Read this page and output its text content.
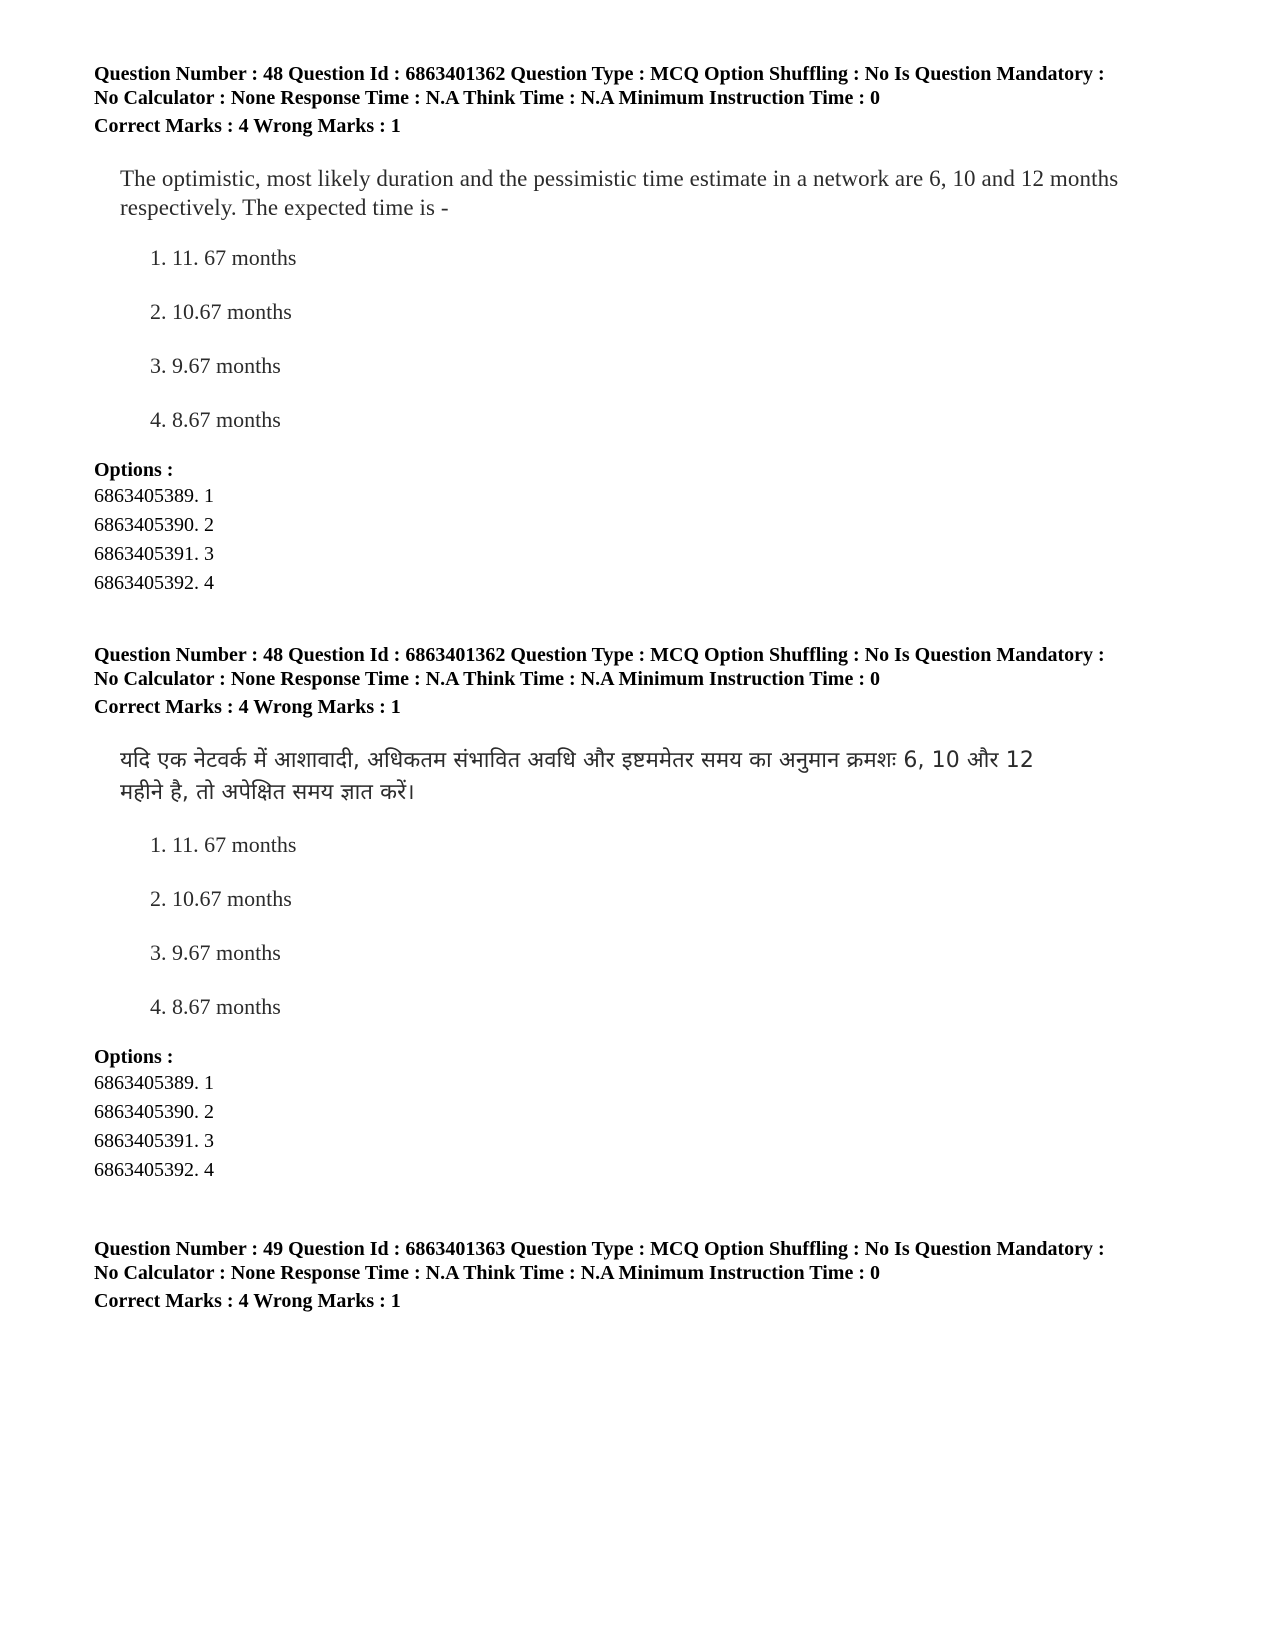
Question Number : 48 Question Id : 6863401362 Question Type : MCQ Option Shuffling : No Is Question Mandatory :

No Calculator : None Response Time : N.A Think Time : N.A Minimum Instruction Time : 0

Correct Marks : 4 Wrong Marks : 1

The optimistic, most likely duration and the pessimistic time estimate in a network are 6, 10 and 12 months

respectively. The expected time is -

1. 11. 67 months
2. 10.67 months
3. 9.67 months
4. 8.67 months
Options :
6863405389. 1
6863405390. 2
6863405391. 3
6863405392. 4

Question Number : 48 Question Id : 6863401362 Question Type : MCQ Option Shuffling : No Is Question Mandatory :

No Calculator : None Response Time : N.A Think Time : N.A Minimum Instruction Time : 0

Correct Marks : 4 Wrong Marks : 1

यदि एक नेटवर्क में आशावादी, अधिकतम संभावित अवधि और इष्टममेतर समय का अनुमान क्रमशः 6, 10 और 12

महीने है, तो अपेक्षित समय ज्ञात करें।

1. 11. 67 months
2. 10.67 months
3. 9.67 months
4. 8.67 months
Options :
6863405389. 1
6863405390. 2
6863405391. 3
6863405392. 4

Question Number : 49 Question Id : 6863401363 Question Type : MCQ Option Shuffling : No Is Question Mandatory :

No Calculator : None Response Time : N.A Think Time : N.A Minimum Instruction Time : 0

Correct Marks : 4 Wrong Marks : 1
